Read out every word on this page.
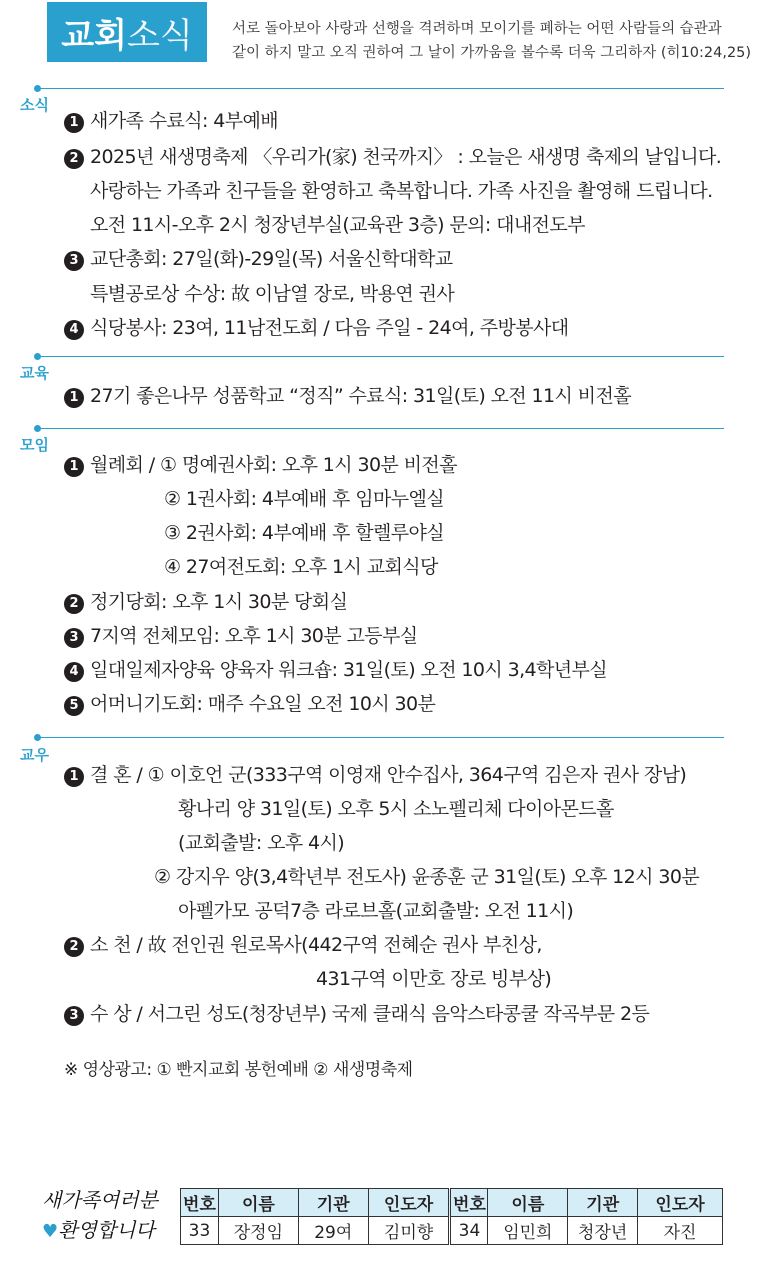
교회 소식	서로 돌아보아 사랑과 선행을 격려하며 모이기를 폐하는 어떤 사람들의 습관과
같이 하지 말고 오직 권하여 그 날이 가까움을 볼수록 더욱 그리하자 (히10:24,25)
소식
1 새가족 수료식: 4부예배
2 2025년 새생명축제 〈우리가(家) 천국까지〉 : 오늘은 새생명 축제의 날입니다.
사랑하는 가족과 친구들을 환영하고 축복합니다. 가족 사진을 촬영해 드립니다.
오전 11시-오후 2시 청장년부실(교육관 3층) 문의: 대내전도부
3 교단총회: 27일(화)-29일(목) 서울신학대학교
특별공로상 수상: 故 이남열 장로, 박용연 권사
4 식당봉사: 23여, 11남전도회 / 다음 주일 - 24여, 주방봉사대
교육
1 27기 좋은나무 성품학교 “정직” 수료식: 31일(토) 오전 11시 비전홀
모임
1 월례회 / ① 명예권사회: 오후 1시 30분 비전홀
② 1권사회: 4부예배 후 임마누엘실
③ 2권사회: 4부예배 후 할렐루야실
④ 27여전도회: 오후 1시 교회식당
2 정기당회: 오후 1시 30분 당회실
3 7지역 전체모임: 오후 1시 30분 고등부실
4 일대일제자양육 양육자 워크숍: 31일(토) 오전 10시 3,4학년부실
5 어머니기도회: 매주 수요일 오전 10시 30분
교우
1 결 혼 / ① 이호언 군(333구역 이영재 안수집사, 364구역 김은자 권사 장남)
황나리 양 31일(토) 오후 5시 소노펠리체 다이아몬드홀
(교회출발: 오후 4시)
② 강지우 양(3,4학년부 전도사) 윤종훈 군 31일(토) 오후 12시 30분
아펠가모 공덕7층 라로브홀(교회출발: 오전 11시)
2 소 천 / 故 전인권 원로목사(442구역 전혜순 권사 부친상,
431구역 이만호 장로 빙부상)
3 수 상 / 서그린 성도(청장년부) 국제 클래식 음악스타콩쿨 작곡부문 2등
※ 영상광고: ① 빤지교회 봉헌예배 ② 새생명축제
새가족여러분
♥환영합니다
번호	이름	기관	인도자	번호	이름	기관	인도자
33	장정임	29여	김미향	34	임민희	청장년	자진
